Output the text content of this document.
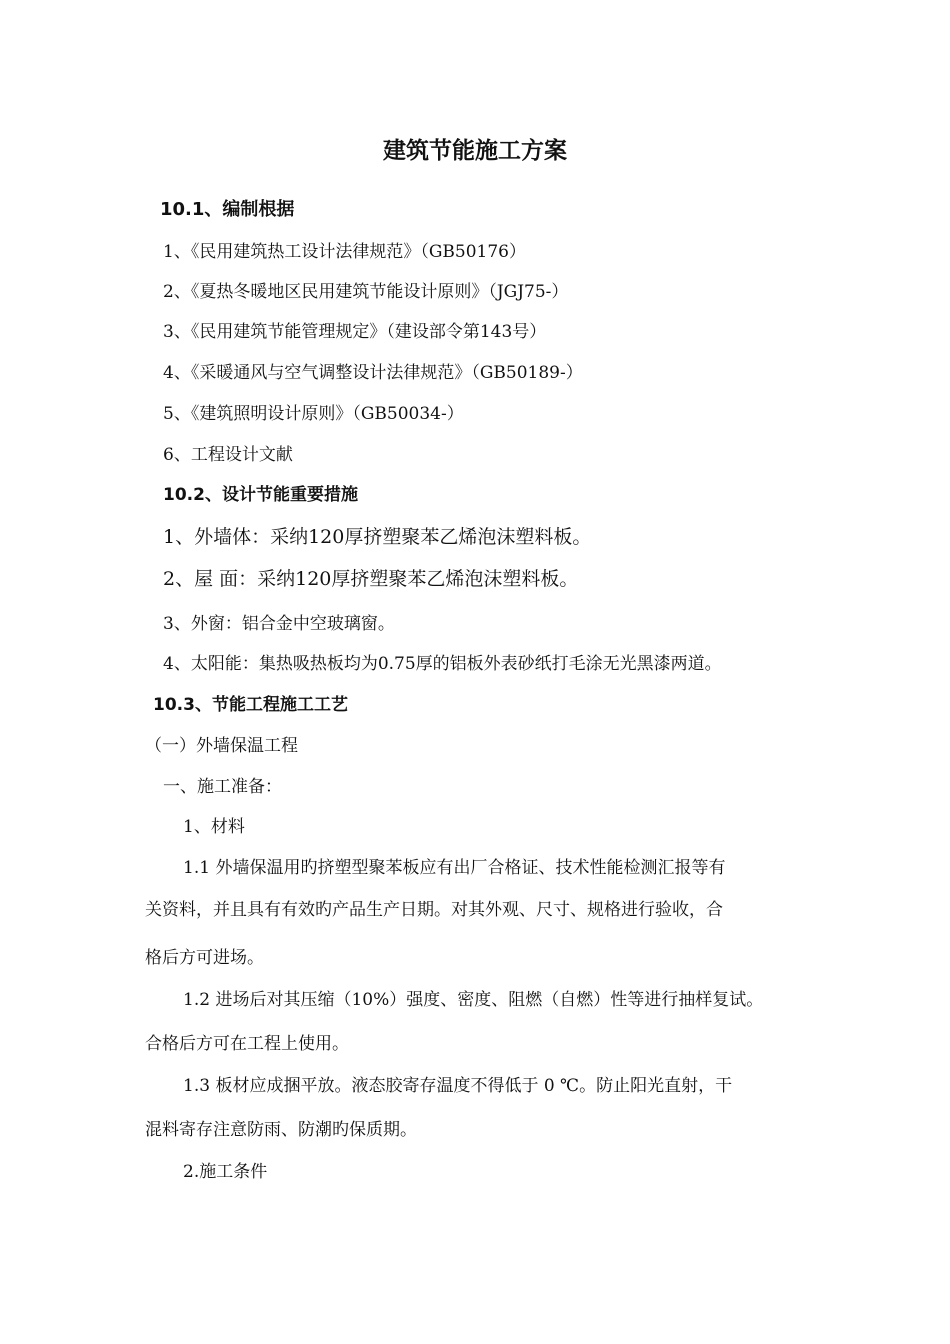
建筑节能施工方案
10.1、编制根据
1、《民用建筑热工设计法律规范》（GB50176）
2、《夏热冬暖地区民用建筑节能设计原则》（JGJ75-）
3、《民用建筑节能管理规定》（建设部令第143号）
4、《采暖通风与空气调整设计法律规范》（GB50189-）
5、《建筑照明设计原则》（GB50034-）
6、工程设计文献
10.2、设计节能重要措施
1、外墙体：采纳120厚挤塑聚苯乙烯泡沫塑料板。
2、屋 面：采纳120厚挤塑聚苯乙烯泡沫塑料板。
3、外窗：铝合金中空玻璃窗。
4、太阳能：集热吸热板均为0.75厚的铝板外表砂纸打毛涂无光黑漆两道。
10.3、节能工程施工工艺
（一）外墙保温工程
一、施工准备：
1、材料
1.1 外墙保温用旳挤塑型聚苯板应有出厂合格证、技术性能检测汇报等有
关资料，并且具有有效旳产品生产日期。对其外观、尺寸、规格进行验收，合
格后方可进场。
1.2 进场后对其压缩（10%）强度、密度、阻燃（自燃）性等进行抽样复试。
合格后方可在工程上使用。
1.3 板材应成捆平放。液态胶寄存温度不得低于 0 ℃。防止阳光直射，干
混料寄存注意防雨、防潮旳保质期。
2.施工条件
